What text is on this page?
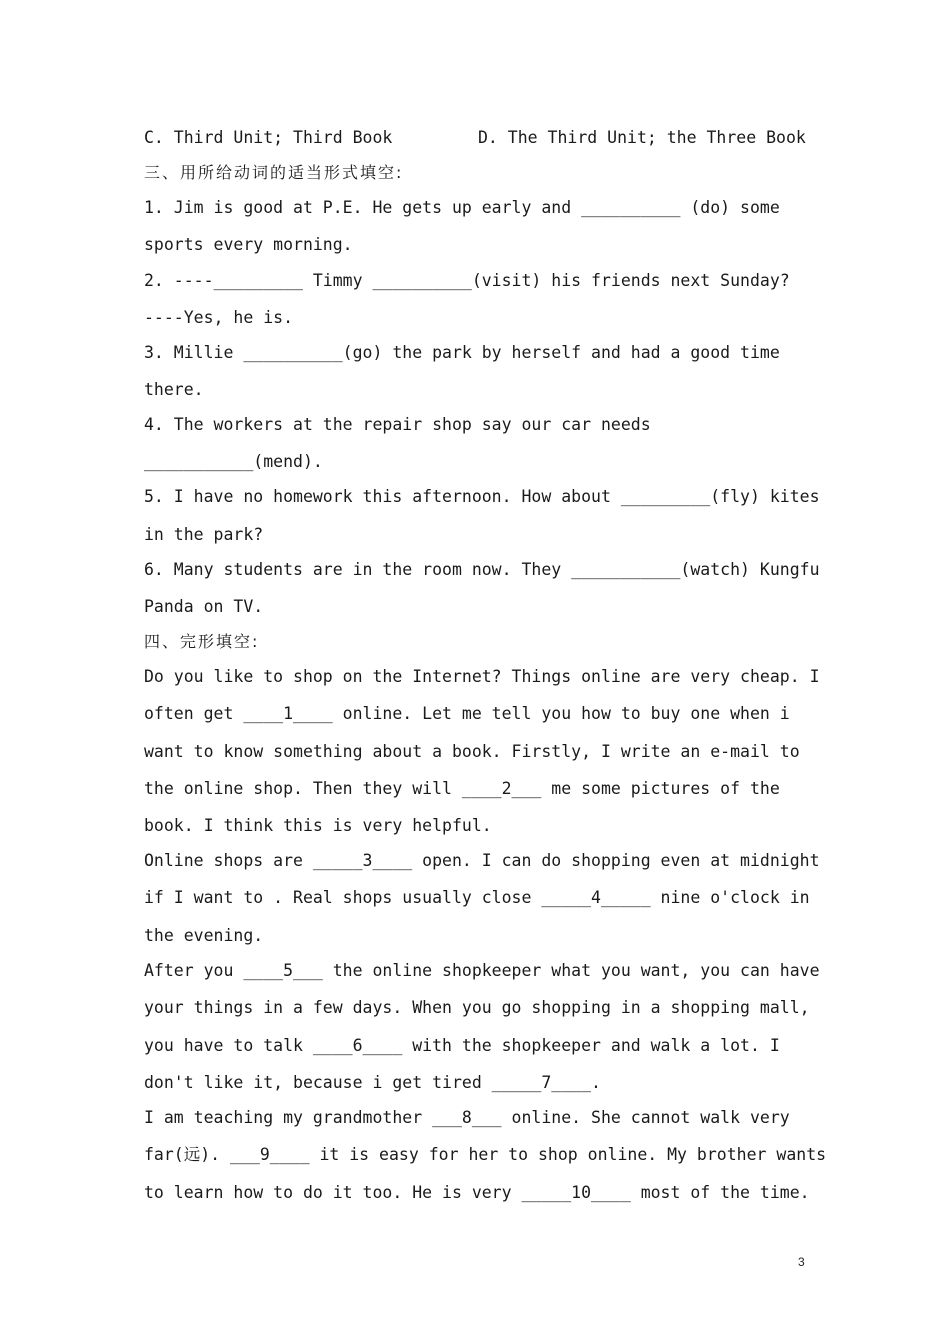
C. Third Unit; Third Book	D. The Third Unit; the Three Book
三、用所给动词的适当形式填空:
1. Jim is good at P.E. He gets up early and __________ (do) some
sports every morning.
2. ----_________ Timmy __________(visit) his friends next Sunday?
----Yes, he is.
3. Millie __________(go) the park by herself and had a good time
there.
4. The workers at the repair shop say our car needs
___________(mend).
5. I have no homework this afternoon. How about _________(fly) kites
in the park?
6. Many students are in the room now. They ___________(watch) Kungfu
Panda on TV.
四、完形填空:
Do you like to shop on the Internet? Things online are very cheap. I
often get ____1____ online. Let me tell you how to buy one when i
want to know something about a book. Firstly, I write an e-mail to
the online shop. Then they will ____2___ me some pictures of the
book. I think this is very helpful.
Online shops are _____3____ open. I can do shopping even at midnight
if I want to . Real shops usually close _____4_____ nine o'clock in
the evening.
After you ____5___ the online shopkeeper what you want, you can have
your things in a few days. When you go shopping in a shopping mall,
you have to talk ____6____ with the shopkeeper and walk a lot. I
don't like it, because i get tired _____7____.
I am teaching my grandmother ___8___ online. She cannot walk very
far(远). ___9____ it is easy for her to shop online. My brother wants
to learn how to do it too. He is very _____10____ most of the time.
3
